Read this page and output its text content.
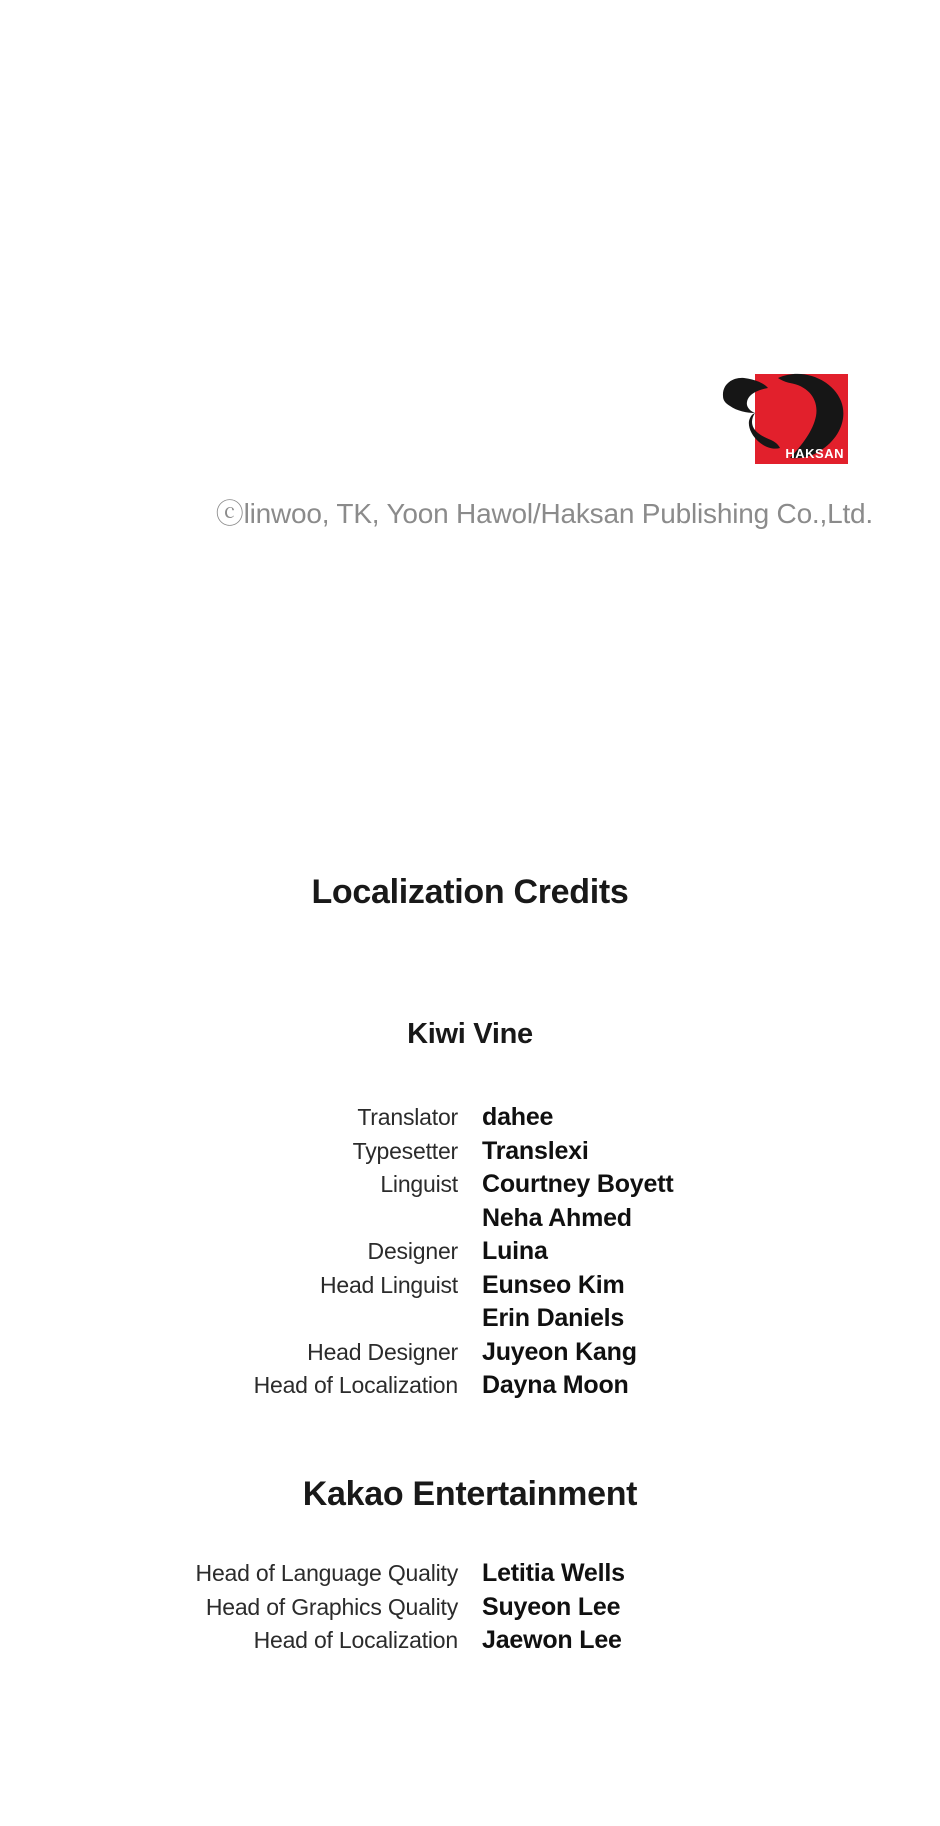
HAKSAN
ⓒlinwoo, TK, Yoon Hawol/Haksan Publishing Co.,Ltd.
Localization Credits
Kiwi Vine
Translator dahee
Typesetter Translexi
Linguist Courtney Boyett
Neha Ahmed
Designer Luina
Head Linguist Eunseo Kim
Erin Daniels
Head Designer Juyeon Kang
Head of Localization Dayna Moon
Kakao Entertainment
Head of Language Quality Letitia Wells
Head of Graphics Quality Suyeon Lee
Head of Localization Jaewon Lee
